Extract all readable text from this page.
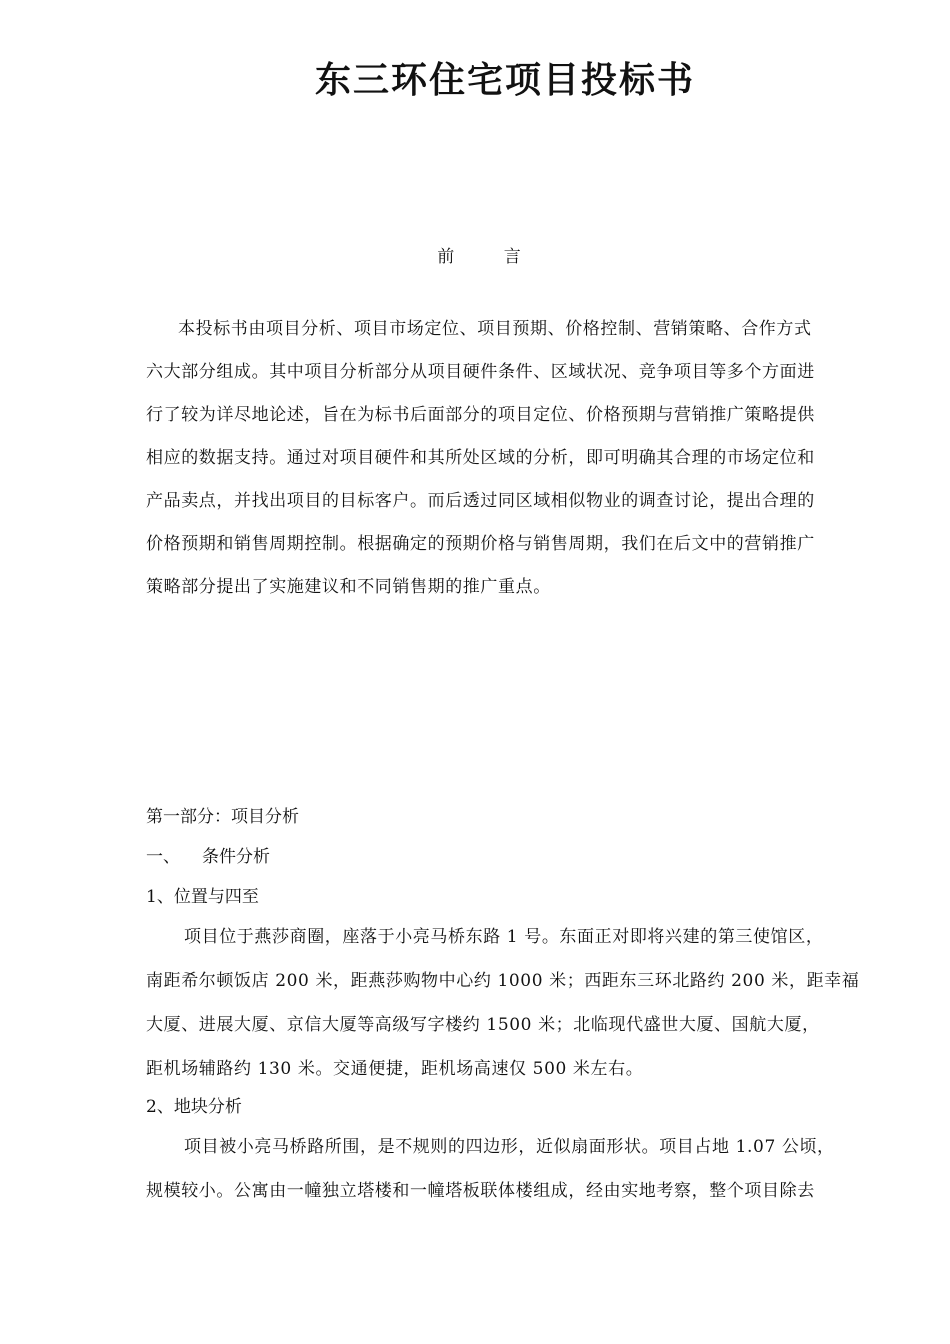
东三环住宅项目投标书
前 言
本投标书由项目分析、项目市场定位、项目预期、价格控制、营销策略、合作方式
六大部分组成。其中项目分析部分从项目硬件条件、区域状况、竞争项目等多个方面进
行了较为详尽地论述，旨在为标书后面部分的项目定位、价格预期与营销推广策略提供
相应的数据支持。通过对项目硬件和其所处区域的分析，即可明确其合理的市场定位和
产品卖点，并找出项目的目标客户。而后透过同区域相似物业的调查讨论，提出合理的
价格预期和销售周期控制。根据确定的预期价格与销售周期，我们在后文中的营销推广
策略部分提出了实施建议和不同销售期的推广重点。
第一部分：项目分析
一、 条件分析
1、位置与四至
项目位于燕莎商圈，座落于小亮马桥东路 1 号。东面正对即将兴建的第三使馆区，
南距希尔顿饭店 200 米，距燕莎购物中心约 1000 米；西距东三环北路约 200 米，距幸福
大厦、进展大厦、京信大厦等高级写字楼约 1500 米；北临现代盛世大厦、国航大厦，
距机场辅路约 130 米。交通便捷，距机场高速仅 500 米左右。
2、地块分析
项目被小亮马桥路所围，是不规则的四边形，近似扇面形状。项目占地 1.07 公顷，
规模较小。公寓由一幢独立塔楼和一幢塔板联体楼组成，经由实地考察，整个项目除去
